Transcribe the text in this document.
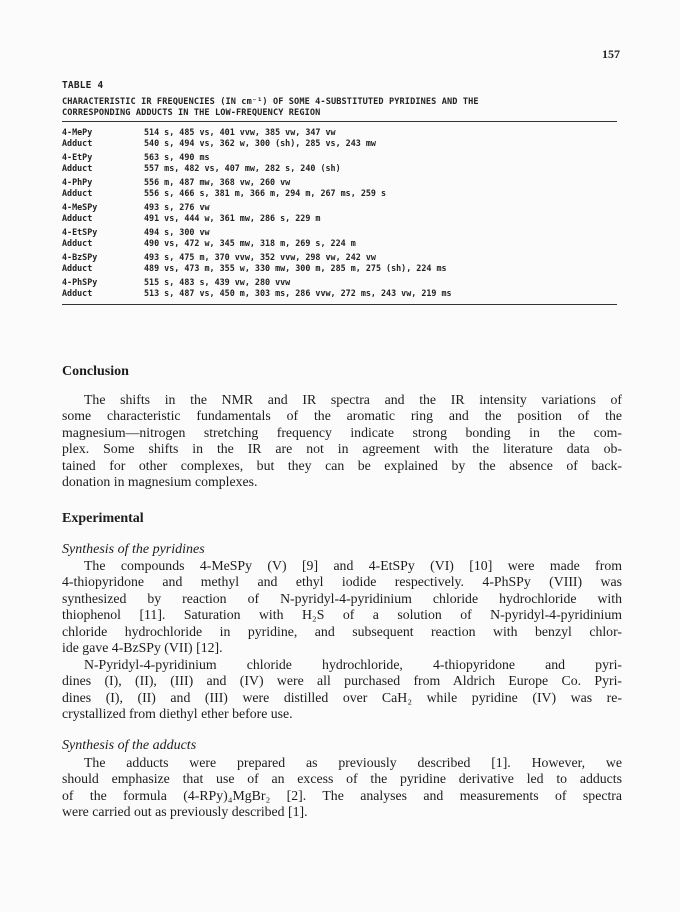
157
TABLE 4
CHARACTERISTIC IR FREQUENCIES (IN cm⁻¹) OF SOME 4-SUBSTITUTED PYRIDINES AND THE
CORRESPONDING ADDUCTS IN THE LOW-FREQUENCY REGION
4-MePy	514 s, 485 vs, 401 vvw, 385 vw, 347 vw
Adduct	540 s, 494 vs, 362 w, 300 (sh), 285 vs, 243 mw
4-EtPy	563 s, 490 ms
Adduct	557 ms, 482 vs, 407 mw, 282 s, 240 (sh)
4-PhPy	556 m, 487 mw, 368 vw, 260 vw
Adduct	556 s, 466 s, 381 m, 366 m, 294 m, 267 ms, 259 s
4-MeSPy	493 s, 276 vw
Adduct	491 vs, 444 w, 361 mw, 286 s, 229 m
4-EtSPy	494 s, 300 vw
Adduct	490 vs, 472 w, 345 mw, 318 m, 269 s, 224 m
4-BzSPy	493 s, 475 m, 370 vvw, 352 vvw, 298 vw, 242 vw
Adduct	489 vs, 473 m, 355 w, 330 mw, 300 m, 285 m, 275 (sh), 224 ms
4-PhSPy	515 s, 483 s, 439 vw, 280 vvw
Adduct	513 s, 487 vs, 450 m, 303 ms, 286 vvw, 272 ms, 243 vw, 219 ms
Conclusion

The shifts in the NMR and IR spectra and the IR intensity variations of

some characteristic fundamentals of the aromatic ring and the position of the
magnesium—nitrogen stretching frequency indicate strong bonding in the com-
plex. Some shifts in the IR are not in agreement with the literature data ob-
tained for other complexes, but they can be explained by the absence of back-
donation in magnesium complexes.
Experimental
Synthesis of the pyridines

The compounds 4-MeSPy (V) [9] and 4-EtSPy (VI) [10] were made from

4-thiopyridone and methyl and ethyl iodide respectively. 4-PhSPy (VIII) was
synthesized by reaction of N-pyridyl-4-pyridinium chloride hydrochloride with
thiophenol [11]. Saturation with H₂S of a solution of N-pyridyl-4-pyridinium
chloride hydrochloride in pyridine, and subsequent reaction with benzyl chlor-
ide gave 4-BzSPy (VII) [12].

N-Pyridyl-4-pyridinium chloride hydrochloride, 4-thiopyridone and pyri-

dines (I), (II), (III) and (IV) were all purchased from Aldrich Europe Co. Pyri-
dines (I), (II) and (III) were distilled over CaH₂ while pyridine (IV) was re-
crystallized from diethyl ether before use.
Synthesis of the adducts

The adducts were prepared as previously described [1]. However, we

should emphasize that use of an excess of the pyridine derivative led to adducts
of the formula (4-RPy)₄MgBr₂ [2]. The analyses and measurements of spectra
were carried out as previously described [1].
